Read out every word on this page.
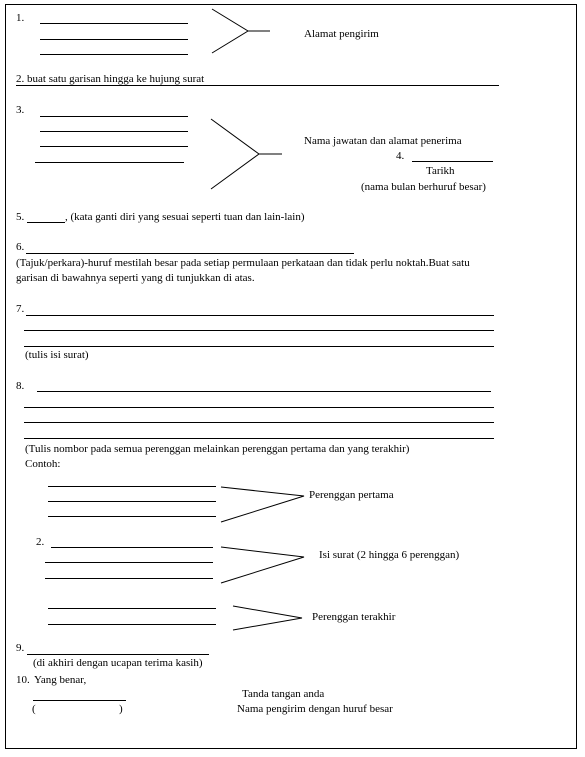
1.
Alamat pengirim
2. buat satu garisan hingga ke hujung surat
3.
Nama jawatan dan alamat penerima
4.
Tarikh
(nama bulan berhuruf besar)
5.	, (kata ganti diri yang sesuai seperti tuan dan lain-lain)
6.
(Tajuk/perkara)-huruf mestilah besar pada setiap permulaan perkataan dan tidak perlu noktah.Buat satu
garisan di bawahnya seperti yang di tunjukkan di atas.
7.
(tulis isi surat)
8.
(Tulis nombor pada semua perenggan melainkan perenggan pertama dan yang terakhir)
Contoh:
Perenggan pertama
2.
Isi surat (2 hingga 6 perenggan)
Perenggan terakhir
9.
(di akhiri dengan ucapan terima kasih)
10. Yang benar,
Tanda tangan anda
(	)	Nama pengirim dengan huruf besar
